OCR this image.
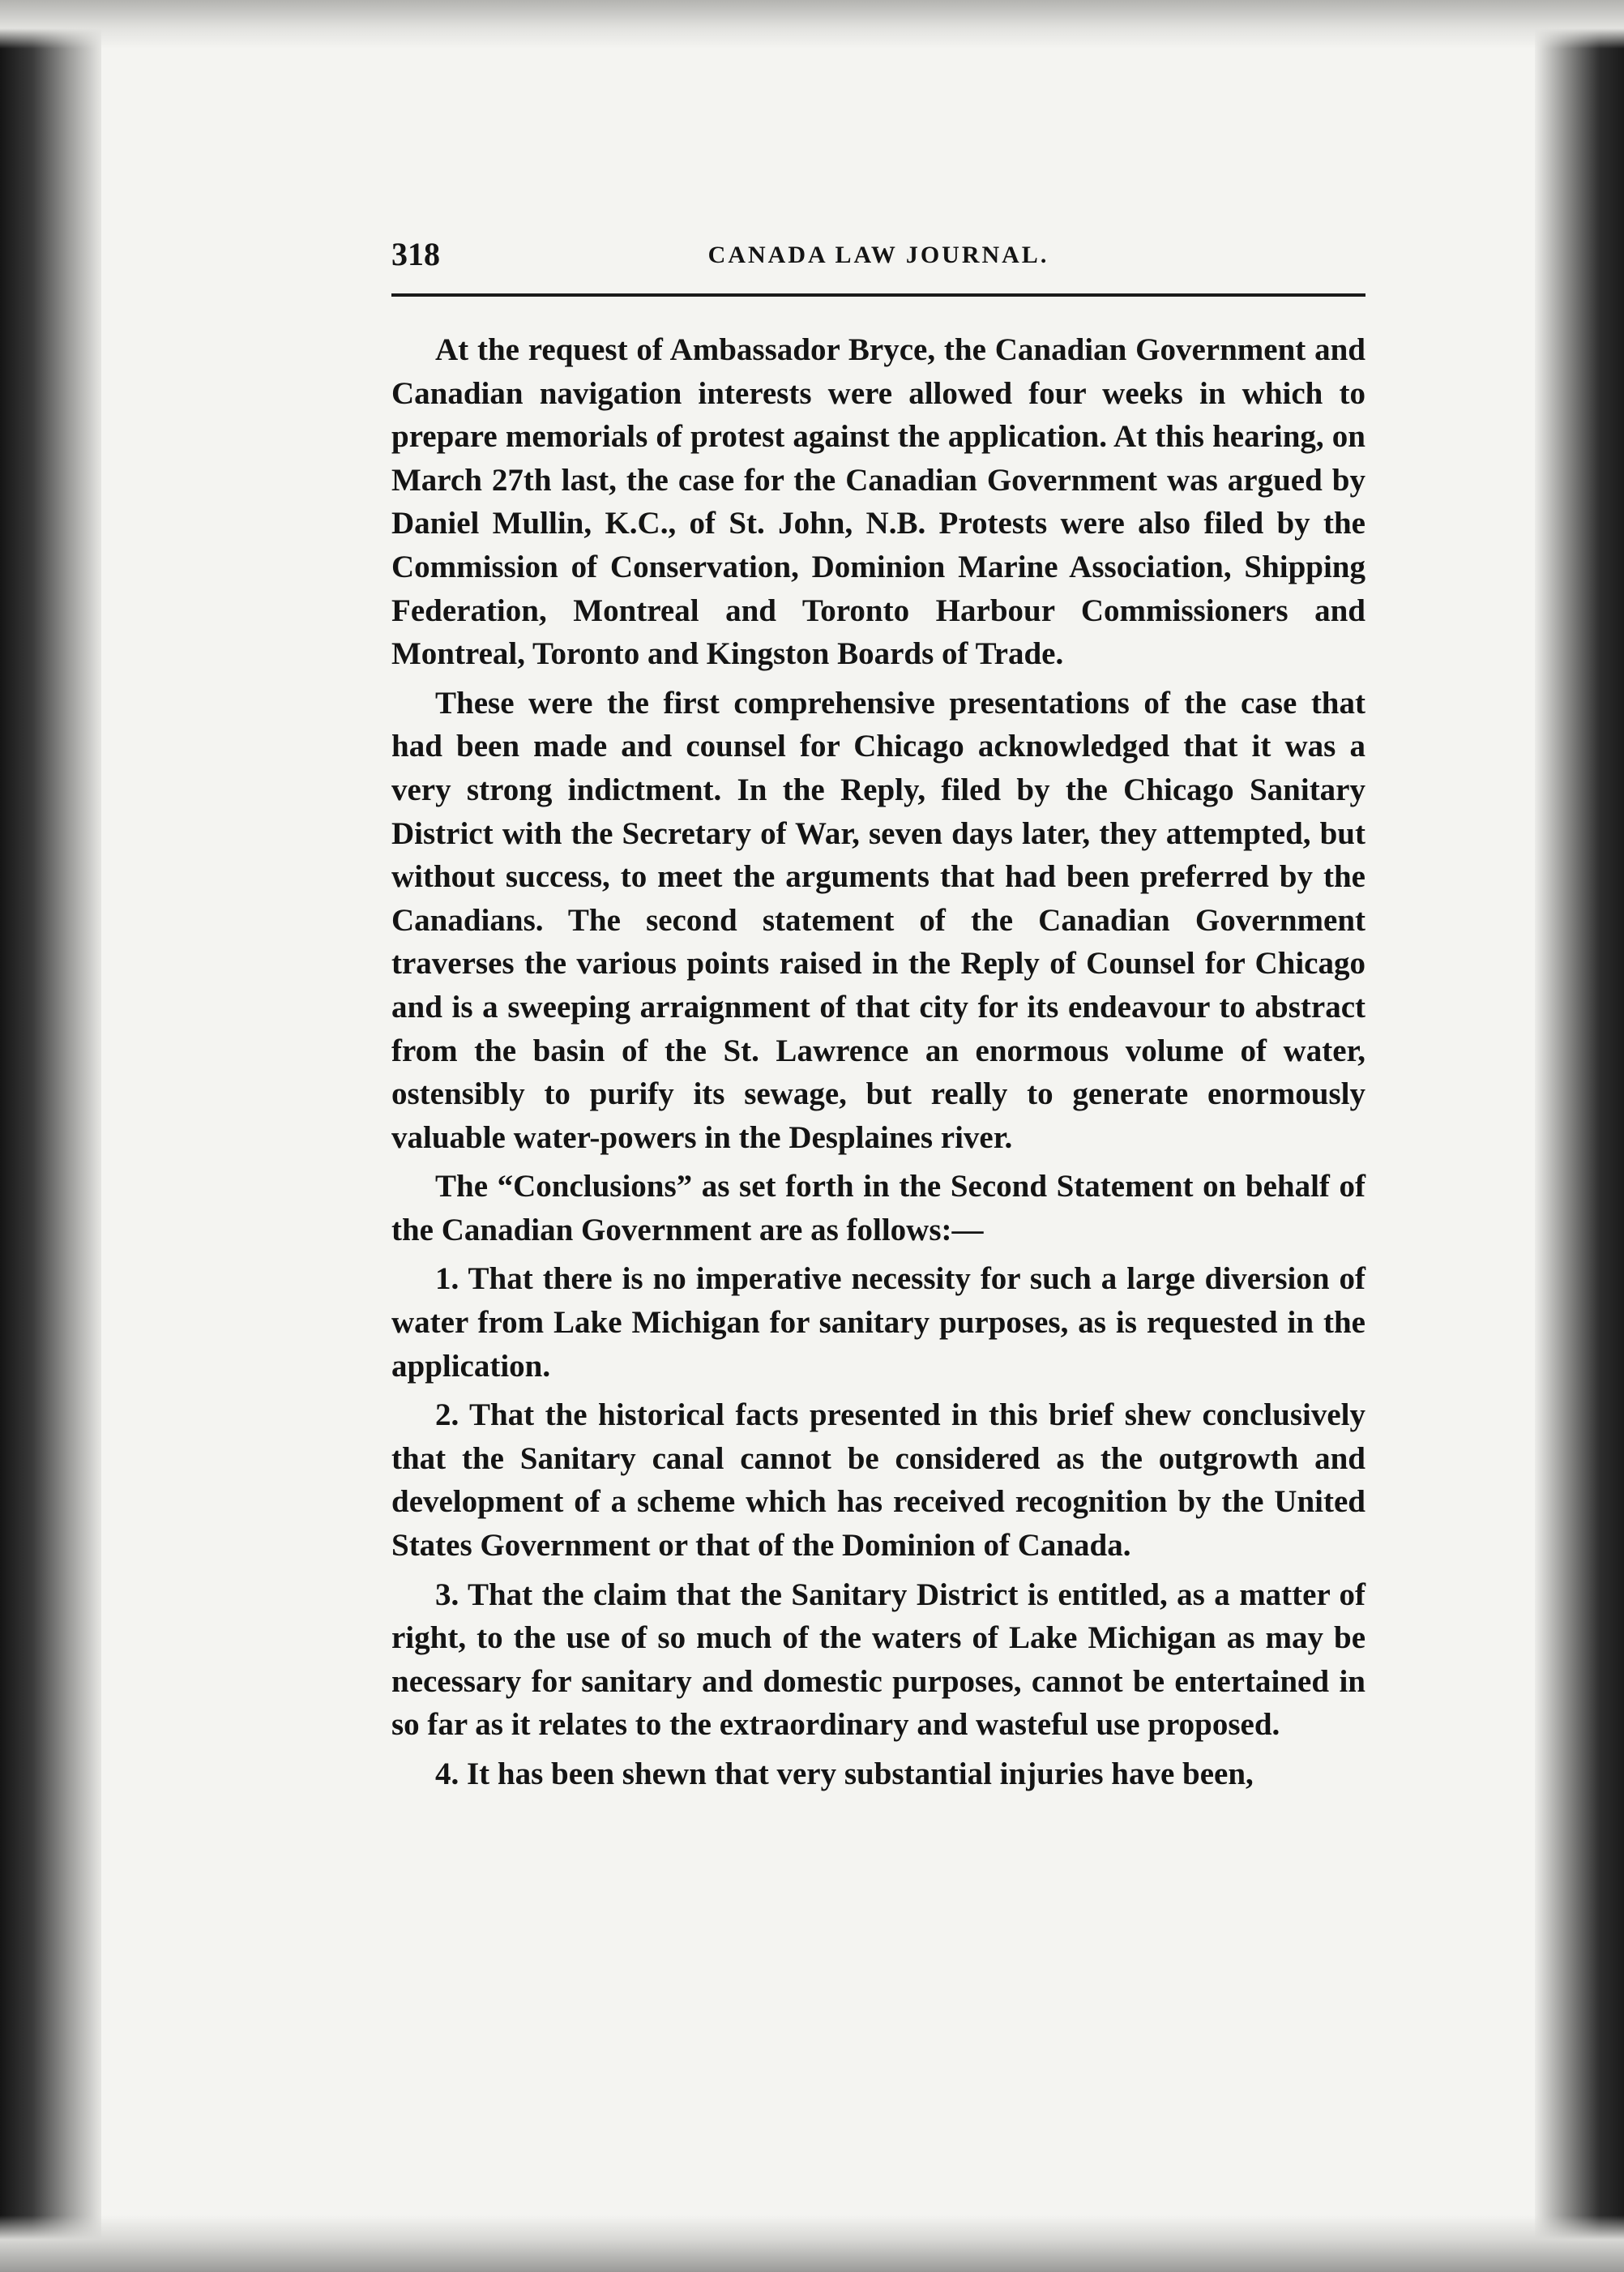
318	CANADA LAW JOURNAL.

At the request of Ambassador Bryce, the Canadian Government and Canadian navigation interests were allowed four weeks in which to prepare memorials of protest against the application. At this hearing, on March 27th last, the case for the Canadian Government was argued by Daniel Mullin, K.C., of St. John, N.B. Protests were also filed by the Commission of Conservation, Dominion Marine Association, Shipping Federation, Montreal and Toronto Harbour Commissioners and Montreal, Toronto and Kingston Boards of Trade.

These were the first comprehensive presentations of the case that had been made and counsel for Chicago acknowledged that it was a very strong indictment. In the Reply, filed by the Chicago Sanitary District with the Secretary of War, seven days later, they attempted, but without success, to meet the arguments that had been preferred by the Canadians. The second statement of the Canadian Government traverses the various points raised in the Reply of Counsel for Chicago and is a sweeping arraignment of that city for its endeavour to abstract from the basin of the St. Lawrence an enormous volume of water, ostensibly to purify its sewage, but really to generate enormously valuable water-powers in the Desplaines river.

The “Conclusions” as set forth in the Second Statement on behalf of the Canadian Government are as follows:—

1. That there is no imperative necessity for such a large diversion of water from Lake Michigan for sanitary purposes, as is requested in the application.

2. That the historical facts presented in this brief shew conclusively that the Sanitary canal cannot be considered as the outgrowth and development of a scheme which has received recognition by the United States Government or that of the Dominion of Canada.

3. That the claim that the Sanitary District is entitled, as a matter of right, to the use of so much of the waters of Lake Michigan as may be necessary for sanitary and domestic purposes, cannot be entertained in so far as it relates to the extraordinary and wasteful use proposed.

4. It has been shewn that very substantial injuries have been,
